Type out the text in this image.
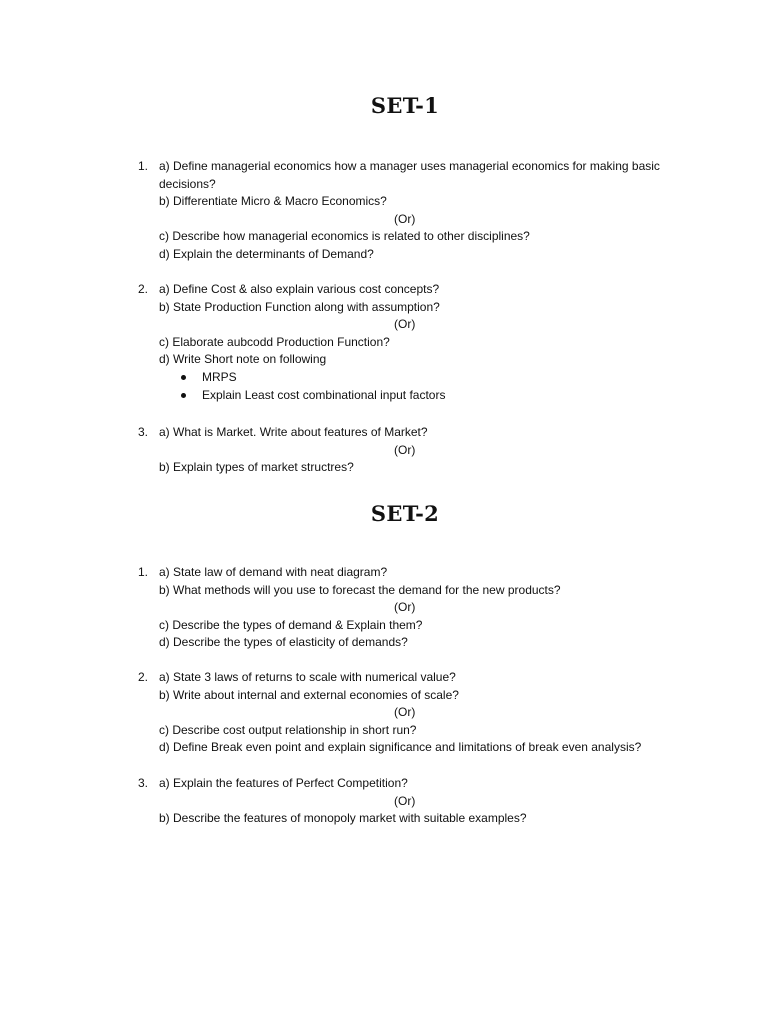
SET-1
1. a) Define managerial economics how a manager uses managerial economics for making basic
decisions?
b) Differentiate Micro & Macro Economics?
(Or)
c) Describe how managerial economics is related to other disciplines?
d) Explain the determinants of Demand?
2. a) Define Cost & also explain various cost concepts?
b) State Production Function along with assumption?
(Or)
c) Elaborate aubcodd Production Function?
d) Write Short note on following
MRPS
Explain Least cost combinational input factors
3. a) What is Market. Write about features of Market?
(Or)
b) Explain types of market structres?
SET-2
1. a) State law of demand with neat diagram?
b) What methods will you use to forecast the demand for the new products?
(Or)
c) Describe the types of demand & Explain them?
d) Describe the types of elasticity of demands?
2. a) State 3 laws of returns to scale with numerical value?
b) Write about internal and external economies of scale?
(Or)
c) Describe cost output relationship in short run?
d) Define Break even point and explain significance and limitations of break even analysis?
3. a) Explain the features of Perfect Competition?
(Or)
b) Describe the features of monopoly market with suitable examples?
